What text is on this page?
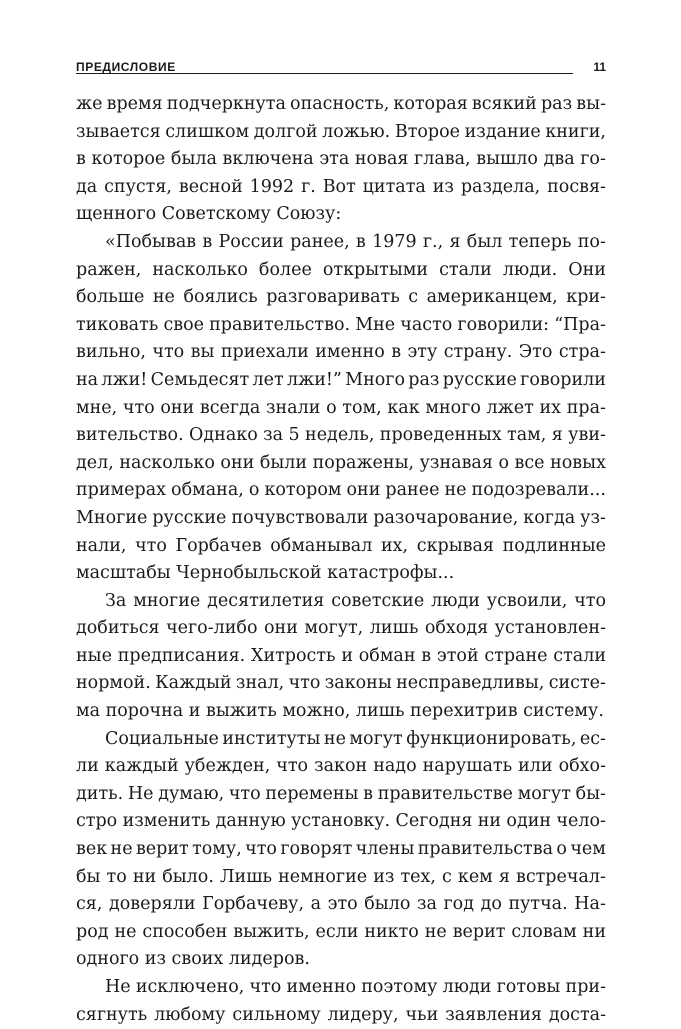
ПРЕДИСЛОВИЕ	11
же время подчеркнута опасность, которая всякий раз вы-
зывается слишком долгой ложью. Второе издание книги,
в которое была включена эта новая глава, вышло два го-
да спустя, весной 1992 г. Вот цитата из раздела, посвя-
щенного Советскому Союзу:
«Побывав в России ранее, в 1979 г., я был теперь по-
ражен, насколько более открытыми стали люди. Они
больше не боялись разговаривать с американцем, кри-
тиковать свое правительство. Мне часто говорили: “Пра-
вильно, что вы приехали именно в эту страну. Это стра-
на лжи! Семьдесят лет лжи!” Много раз русские говорили
мне, что они всегда знали о том, как много лжет их пра-
вительство. Однако за 5 недель, проведенных там, я уви-
дел, насколько они были поражены, узнавая о все новых
примерах обмана, о котором они ранее не подозревали...
Многие русские почувствовали разочарование, когда уз-
нали, что Горбачев обманывал их, скрывая подлинные
масштабы Чернобыльской катастрофы...
За многие десятилетия советские люди усвоили, что
добиться чего-либо они могут, лишь обходя установлен-
ные предписания. Хитрость и обман в этой стране стали
нормой. Каждый знал, что законы несправедливы, систе-
ма порочна и выжить можно, лишь перехитрив систему.
Социальные институты не могут функционировать, ес-
ли каждый убежден, что закон надо нарушать или обхо-
дить. Не думаю, что перемены в правительстве могут бы-
стро изменить данную установку. Сегодня ни один чело-
век не верит тому, что говорят члены правительства о чем
бы то ни было. Лишь немногие из тех, с кем я встречал-
ся, доверяли Горбачеву, а это было за год до путча. На-
род не способен выжить, если никто не верит словам ни
одного из своих лидеров.
Не исключено, что именно поэтому люди готовы при-
сягнуть любому сильному лидеру, чьи заявления доста-
